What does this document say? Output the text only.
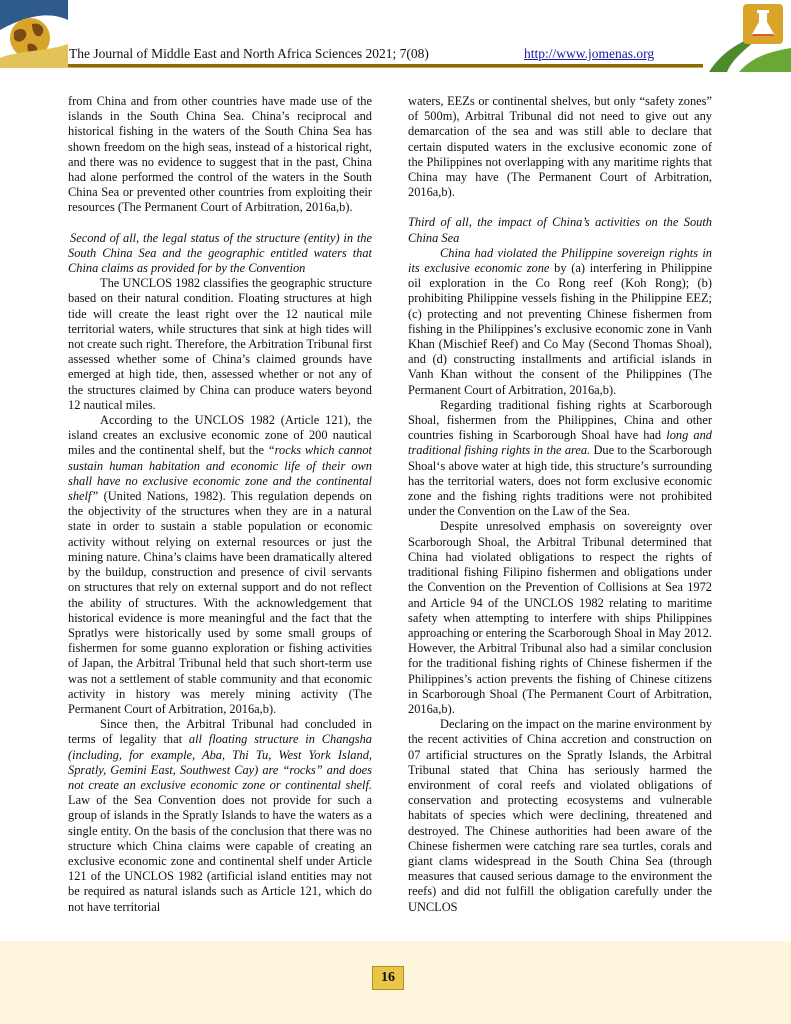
The Journal of Middle East and North Africa Sciences 2021; 7(08)	http://www.jomenas.org

from China and from other countries have made use of the islands in the South China Sea. China’s reciprocal and historical fishing in the waters of the South China Sea has shown freedom on the high seas, instead of a historical right, and there was no evidence to suggest that in the past, China had alone performed the control of the waters in the South China Sea or prevented other countries from exploiting their resources (The Permanent Court of Arbitration, 2016a,b).

Second of all, the legal status of the structure (entity) in the South China Sea and the geographic entitled waters that China claims as provided for by the Convention

The UNCLOS 1982 classifies the geographic structure based on their natural condition. Floating structures at high tide will create the least right over the 12 nautical mile territorial waters, while structures that sink at high tides will not create such right. Therefore, the Arbitration Tribunal first assessed whether some of China’s claimed grounds have emerged at high tide, then, assessed whether or not any of the structures claimed by China can produce waters beyond 12 nautical miles.

According to the UNCLOS 1982 (Article 121), the island creates an exclusive economic zone of 200 nautical miles and the continental shelf, but the “rocks which cannot sustain human habitation and economic life of their own shall have no exclusive economic zone and the continental shelf” (United Nations, 1982). This regulation depends on the objectivity of the structures when they are in a natural state in order to sustain a stable population or economic activity without relying on external resources or just the mining nature. China’s claims have been dramatically altered by the buildup, construction and presence of civil servants on structures that rely on external support and do not reflect the ability of structures. With the acknowledgement that historical evidence is more meaningful and the fact that the Spratlys were historically used by some small groups of fishermen for some guanno exploration or fishing activities of Japan, the Arbitral Tribunal held that such short-term use was not a settlement of stable community and that economic activity in history was merely mining activity (The Permanent Court of Arbitration, 2016a,b).

Since then, the Arbitral Tribunal had concluded in terms of legality that all floating structure in Changsha (including, for example, Aba, Thi Tu, West York Island, Spratly, Gemini East, Southwest Cay) are “rocks” and does not create an exclusive economic zone or continental shelf. Law of the Sea Convention does not provide for such a group of islands in the Spratly Islands to have the waters as a single entity. On the basis of the conclusion that there was no structure which China claims were capable of creating an exclusive economic zone and continental shelf under Article 121 of the UNCLOS 1982 (artificial island entities may not be required as natural islands such as Article 121, which do not have territorial

waters, EEZs or continental shelves, but only “safety zones” of 500m), Arbitral Tribunal did not need to give out any demarcation of the sea and was still able to declare that certain disputed waters in the exclusive economic zone of the Philippines not overlapping with any maritime rights that China may have (The Permanent Court of Arbitration, 2016a,b).

Third of all, the impact of China’s activities on the South China Sea

China had violated the Philippine sovereign rights in its exclusive economic zone by (a) interfering in Philippine oil exploration in the Co Rong reef (Koh Rong); (b) prohibiting Philippine vessels fishing in the Philippine EEZ; (c) protecting and not preventing Chinese fishermen from fishing in the Philippines’s exclusive economic zone in Vanh Khan (Mischief Reef) and Co May (Second Thomas Shoal), and (d) constructing installments and artificial islands in Vanh Khan without the consent of the Philippines (The Permanent Court of Arbitration, 2016a,b).

Regarding traditional fishing rights at Scarborough Shoal, fishermen from the Philippines, China and other countries fishing in Scarborough Shoal have had long and traditional fishing rights in the area. Due to the Scarborough Shoal‘s above water at high tide, this structure’s surrounding has the territorial waters, does not form exclusive economic zone and the fishing rights traditions were not prohibited under the Convention on the Law of the Sea.

Despite unresolved emphasis on sovereignty over Scarborough Shoal, the Arbitral Tribunal determined that China had violated obligations to respect the rights of traditional fishing Filipino fishermen and obligations under the Convention on the Prevention of Collisions at Sea 1972 and Article 94 of the UNCLOS 1982 relating to maritime safety when attempting to interfere with ships Philippines approaching or entering the Scarborough Shoal in May 2012. However, the Arbitral Tribunal also had a similar conclusion for the traditional fishing rights of Chinese fishermen if the Philippines’s action prevents the fishing of Chinese citizens in Scarborough Shoal (The Permanent Court of Arbitration, 2016a,b).

Declaring on the impact on the marine environment by the recent activities of China accretion and construction on 07 artificial structures on the Spratly Islands, the Arbitral Tribunal stated that China has seriously harmed the environment of coral reefs and violated obligations of conservation and protecting ecosystems and vulnerable habitats of species which were declining, threatened and destroyed. The Chinese authorities had been aware of the Chinese fishermen were catching rare sea turtles, corals and giant clams widespread in the South China Sea (through measures that caused serious damage to the environment the reefs) and did not fulfill the obligation carefully under the UNCLOS

16
